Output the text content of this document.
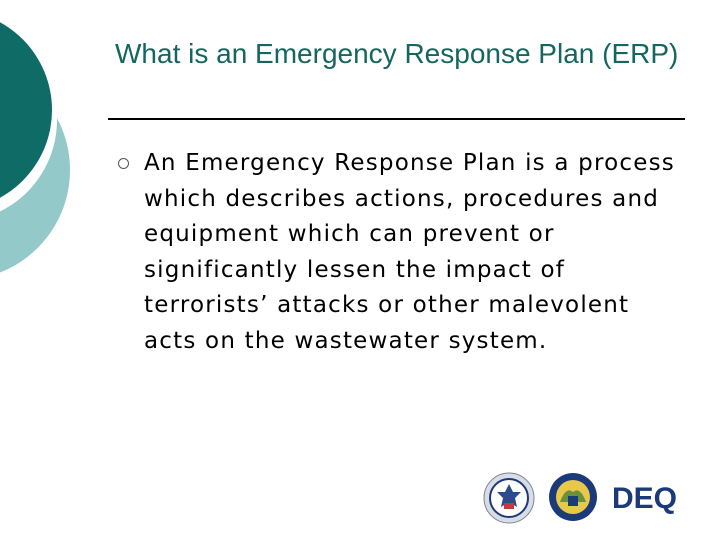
What is an Emergency Response Plan (ERP)
An Emergency Response Plan is a process which describes actions, procedures and equipment which can prevent or significantly lessen the impact of terrorists’ attacks or other malevolent acts on the wastewater system.
DEQ
